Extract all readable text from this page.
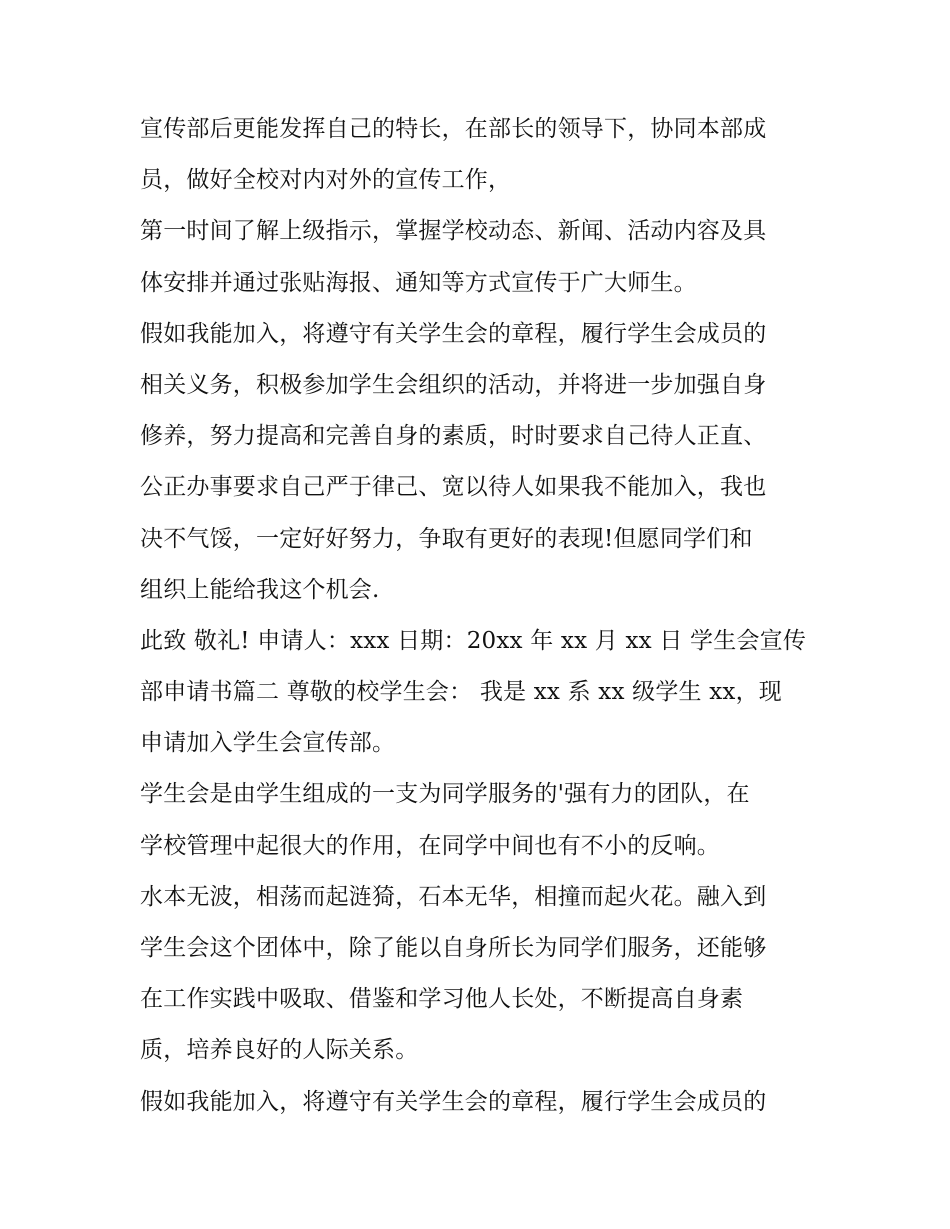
宣传部后更能发挥自己的特长，在部长的领导下，协同本部成
员，做好全校对内对外的宣传工作，
第一时间了解上级指示，掌握学校动态、新闻、活动内容及具
体安排并通过张贴海报、通知等方式宣传于广大师生。
假如我能加入，将遵守有关学生会的章程，履行学生会成员的
相关义务，积极参加学生会组织的活动，并将进一步加强自身
修养，努力提高和完善自身的素质，时时要求自己待人正直、
公正办事要求自己严于律己、宽以待人如果我不能加入，我也
决不气馁，一定好好努力，争取有更好的表现!但愿同学们和
组织上能给我这个机会.
此致 敬礼! 申请人：xxx 日期：20xx 年 xx 月 xx 日 学生会宣传
部申请书篇二 尊敬的校学生会： 我是 xx 系 xx 级学生 xx，现
申请加入学生会宣传部。
学生会是由学生组成的一支为同学服务的'强有力的团队，在
学校管理中起很大的作用，在同学中间也有不小的反响。
水本无波，相荡而起涟猗，石本无华，相撞而起火花。融入到
学生会这个团体中，除了能以自身所长为同学们服务，还能够
在工作实践中吸取、借鉴和学习他人长处，不断提高自身素
质，培养良好的人际关系。
假如我能加入，将遵守有关学生会的章程，履行学生会成员的
